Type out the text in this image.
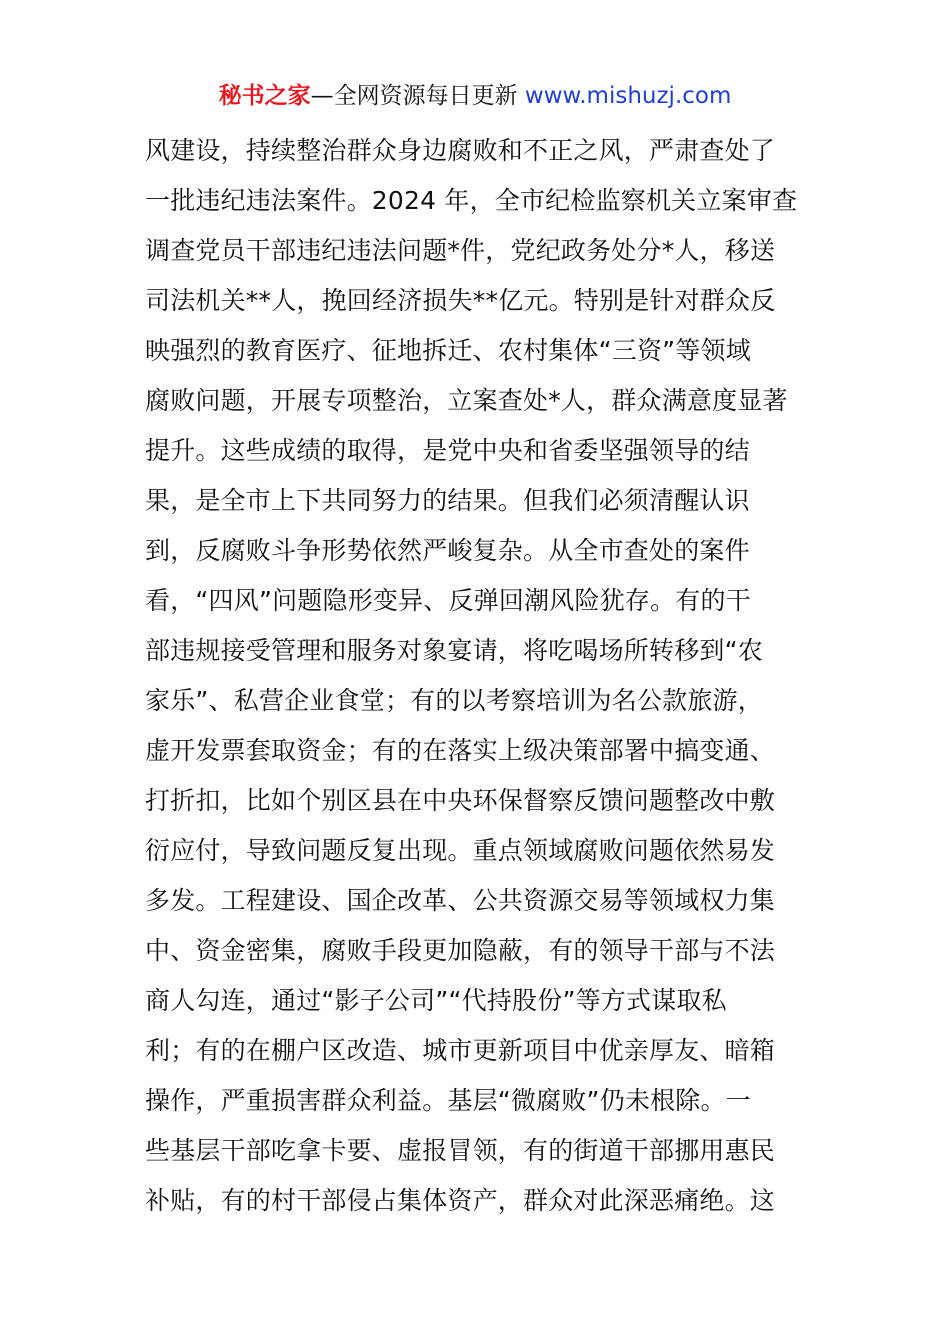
秘书之家—全网资源每日更新 www.mishuzj.com
风建设，持续整治群众身边腐败和不正之风，严肃查处了
一批违纪违法案件。2024 年，全市纪检监察机关立案审查
调查党员干部违纪违法问题*件，党纪政务处分*人，移送
司法机关**人，挽回经济损失**亿元。特别是针对群众反
映强烈的教育医疗、征地拆迁、农村集体“三资”等领域
腐败问题，开展专项整治，立案查处*人，群众满意度显著
提升。这些成绩的取得，是党中央和省委坚强领导的结
果，是全市上下共同努力的结果。但我们必须清醒认识
到，反腐败斗争形势依然严峻复杂。从全市查处的案件
看，“四风”问题隐形变异、反弹回潮风险犹存。有的干
部违规接受管理和服务对象宴请，将吃喝场所转移到“农
家乐”、私营企业食堂；有的以考察培训为名公款旅游，
虚开发票套取资金；有的在落实上级决策部署中搞变通、
打折扣，比如个别区县在中央环保督察反馈问题整改中敷
衍应付，导致问题反复出现。重点领域腐败问题依然易发
多发。工程建设、国企改革、公共资源交易等领域权力集
中、资金密集，腐败手段更加隐蔽，有的领导干部与不法
商人勾连，通过“影子公司”“代持股份”等方式谋取私
利；有的在棚户区改造、城市更新项目中优亲厚友、暗箱
操作，严重损害群众利益。基层“微腐败”仍未根除。一
些基层干部吃拿卡要、虚报冒领，有的街道干部挪用惠民
补贴，有的村干部侵占集体资产，群众对此深恶痛绝。这
